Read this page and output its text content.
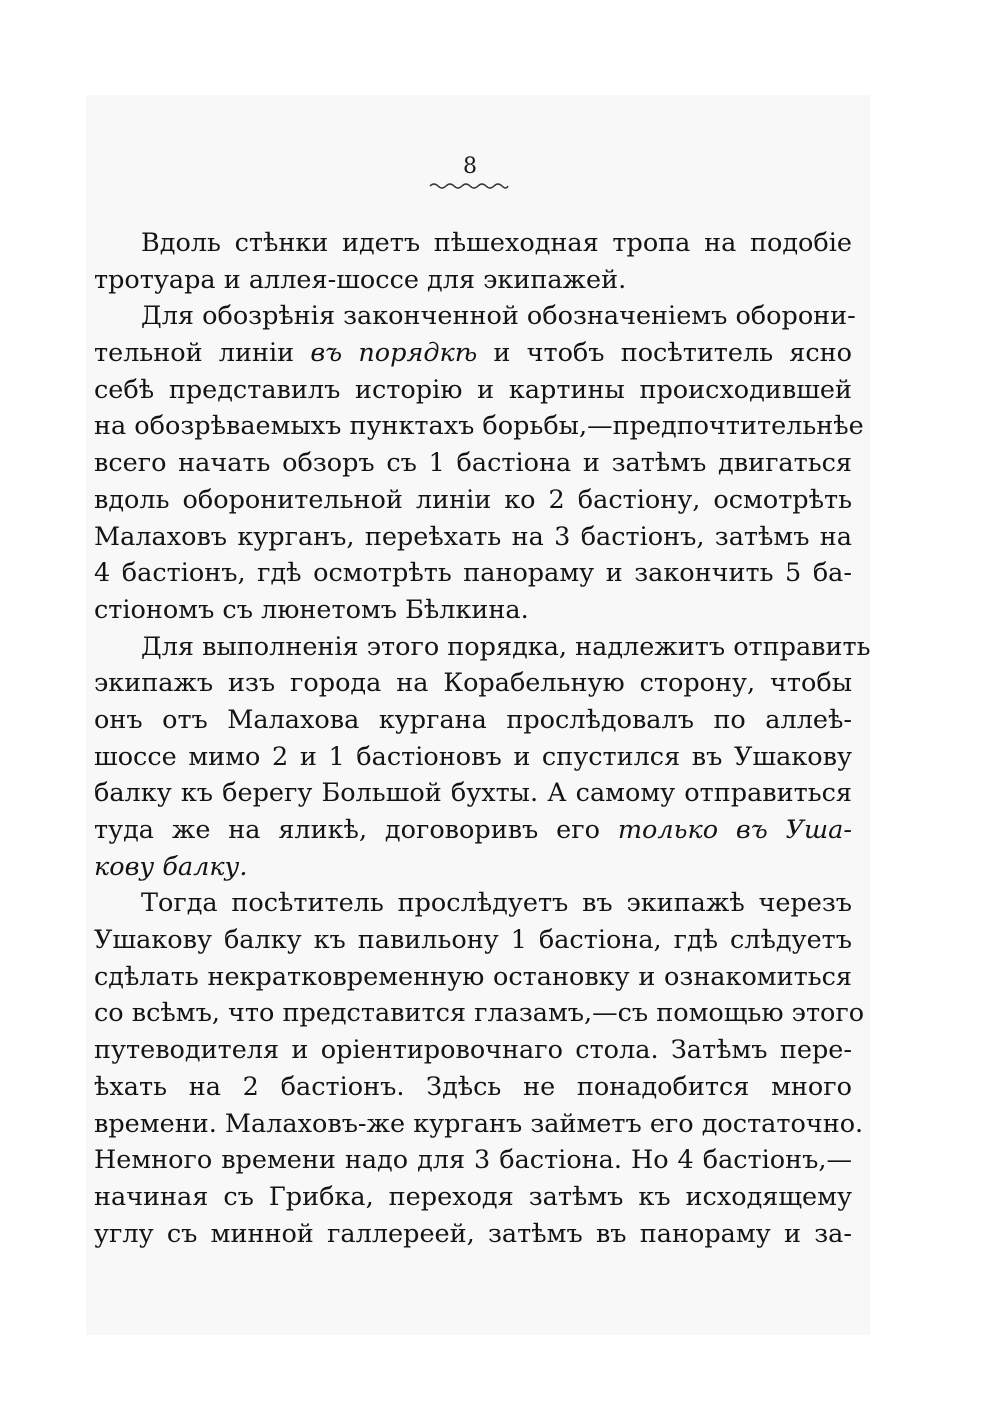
8
Вдоль стѣнки идетъ пѣшеходная тропа на подобіе
тротуара и аллея-шоссе для экипажей.
Для обозрѣнія законченной обозначеніемъ оборони-
тельной линіи въ порядкѣ и чтобъ посѣтитель ясно
себѣ представилъ исторію и картины происходившей
на обозрѣваемыхъ пунктахъ борьбы,—предпочтительнѣе
всего начать обзоръ съ 1 бастіона и затѣмъ двигаться
вдоль оборонительной линіи ко 2 бастіону, осмотрѣть
Малаховъ курганъ, переѣхать на 3 бастіонъ, затѣмъ на
4 бастіонъ, гдѣ осмотрѣть панораму и закончить 5 ба-
стіономъ съ люнетомъ Бѣлкина.
Для выполненія этого порядка, надлежитъ отправить
экипажъ изъ города на Корабельную сторону, чтобы
онъ отъ Малахова кургана прослѣдовалъ по аллеѣ-
шоссе мимо 2 и 1 бастіоновъ и спустился въ Ушакову
балку къ берегу Большой бухты. А самому отправиться
туда же на яликѣ, договоривъ его только въ Уша-
кову балку.
Тогда посѣтитель прослѣдуетъ въ экипажѣ черезъ
Ушакову балку къ павильону 1 бастіона, гдѣ слѣдуетъ
сдѣлать некратковременную остановку и ознакомиться
со всѣмъ, что представится глазамъ,—съ помощью этого
путеводителя и оріентировочнаго стола. Затѣмъ пере-
ѣхать на 2 бастіонъ. Здѣсь не понадобится много
времени. Малаховъ-же курганъ займетъ его достаточно.
Немного времени надо для 3 бастіона. Но 4 бастіонъ,—
начиная съ Грибка, переходя затѣмъ къ исходящему
углу съ минной галлереей, затѣмъ въ панораму и за-
